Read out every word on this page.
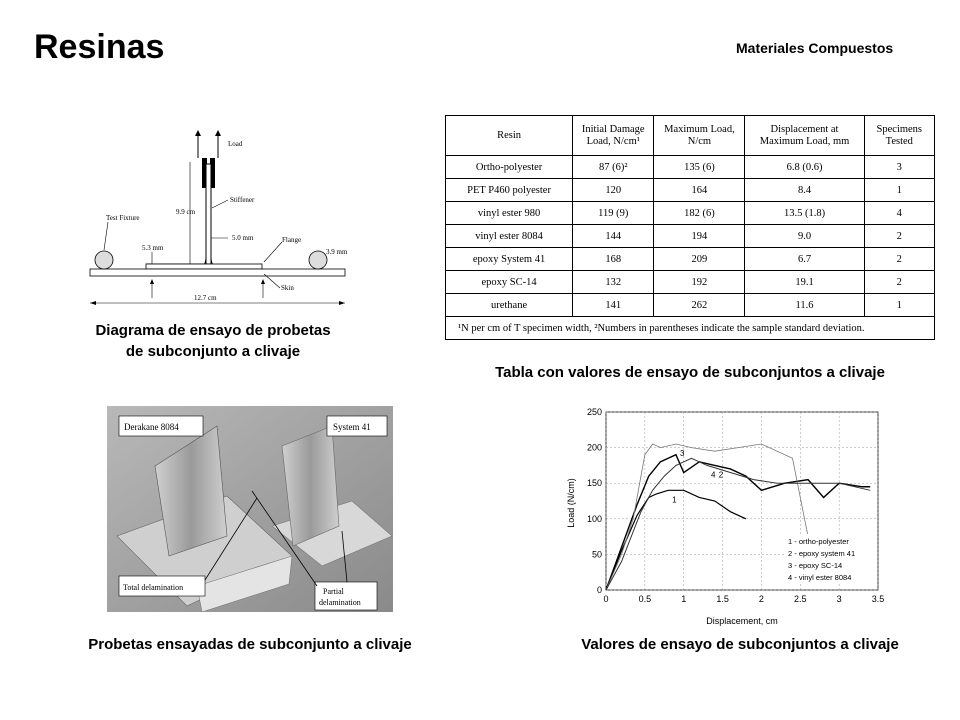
Resinas	Materiales Compuestos
Load
Stiffener
9.9 cm
Flange
5.0 mm
Skin
Test Fixture
5.3 mm	3.9 mm
12.7 cm
Diagrama de ensayo de probetas
de subconjunto a clivaje
Resin	Initial Damage Load, N/cm¹	Maximum Load, N/cm	Displacement at Maximum Load, mm	Specimens Tested
Ortho-polyester	87 (6)²	135 (6)	6.8 (0.6)	3
PET P460 polyester	120	164	8.4	1
vinyl ester 980	119 (9)	182 (6)	13.5 (1.8)	4
vinyl ester 8084	144	194	9.0	2
epoxy System 41	168	209	6.7	2
epoxy SC-14	132	192	19.1	2
urethane	141	262	11.6	1
¹N per cm of T specimen width, ²Numbers in parentheses indicate the sample standard deviation.				
Tabla con valores de ensayo de subconjuntos a clivaje
Derakane 8084	System 41
Total delamination	Partial
delamination
Probetas ensayadas de subconjunto a clivaje
0	0.5	1	1.5	2	2.5	3	3.5
0
50
100
150
200
250
1
2
3
4
Load (N/cm)
Displacement, cm
1 - ortho-polyester
2 - epoxy system 41
3 - epoxy SC-14
4 - vinyl ester 8084
Valores de ensayo de subconjuntos a clivaje
